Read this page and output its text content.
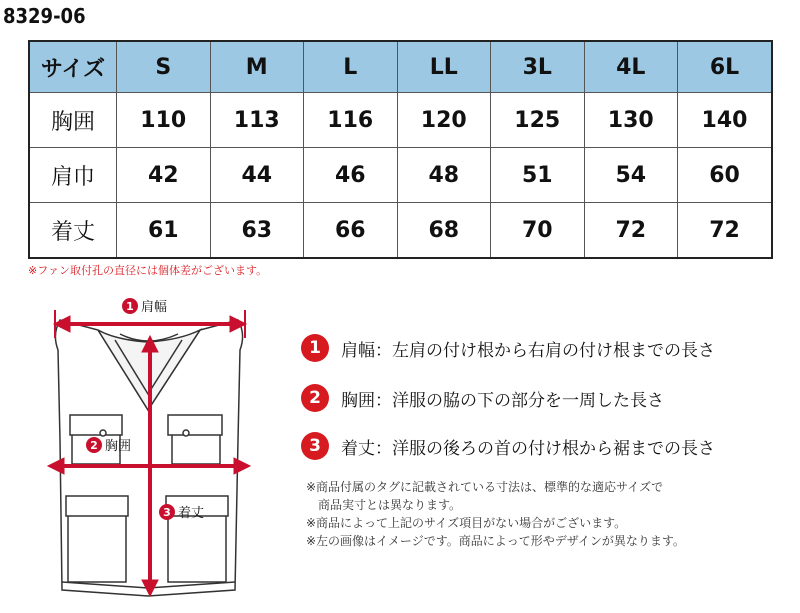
8329-06
サイズ	S	M	L	LL	3L	4L	6L
胸囲	110	113	116	120	125	130	140
肩巾	42	44	46	48	51	54	60
着丈	61	63	66	68	70	72	72
※ファン取付孔の直径には個体差がございます。
1 肩幅
2 胸囲
3 着丈
1	肩幅：左肩の付け根から右肩の付け根までの長さ
2	胸囲：洋服の脇の下の部分を一周した長さ
3	着丈：洋服の後ろの首の付け根から裾までの長さ
※商品付属のタグに記載されている寸法は、標準的な適応サイズで
商品実寸とは異なります。
※商品によって上記のサイズ項目がない場合がございます。
※左の画像はイメージです。商品によって形やデザインが異なります。
